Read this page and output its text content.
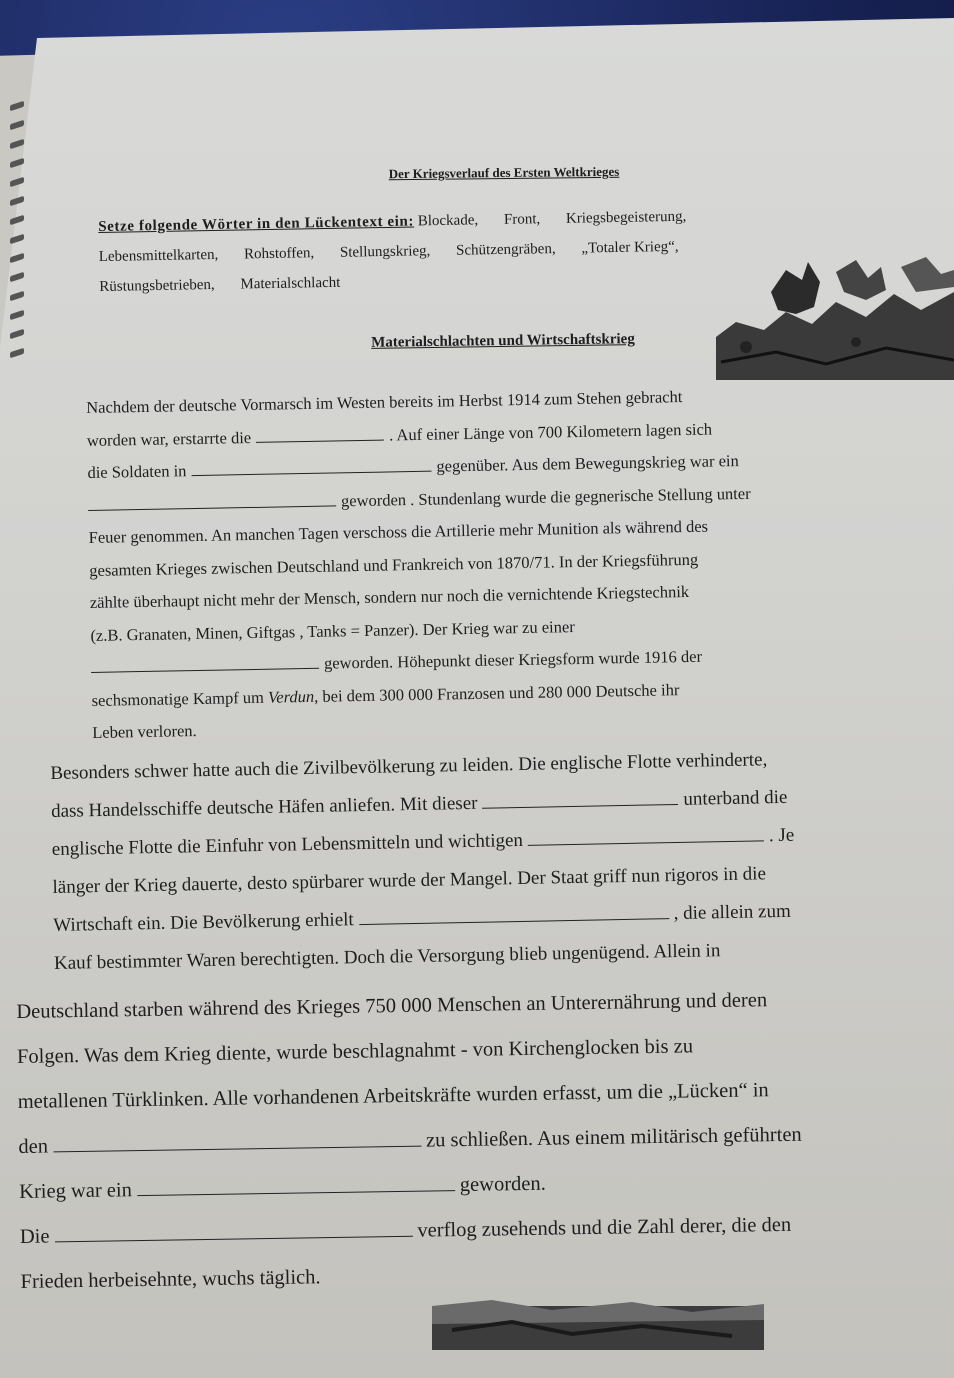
Der Kriegsverlauf des Ersten Weltkrieges
Setze folgende Wörter in den Lückentext ein: Blockade, Front, Kriegsbegeisterung,
Lebensmittelkarten, Rohstoffen, Stellungskrieg, Schützengräben, „Totaler Krieg“,
Rüstungsbetrieben, Materialschlacht
Materialschlachten und Wirtschaftskrieg

Nachdem der deutsche Vormarsch im Westen bereits im Herbst 1914 zum Stehen gebracht

worden war, erstarrte die	. Auf einer Länge von 700 Kilometern lagen sich

die Soldaten in	gegenüber. Aus dem Bewegungskrieg war ein

geworden . Stundenlang wurde die gegnerische Stellung unter

Feuer genommen. An manchen Tagen verschoss die Artillerie mehr Munition als während des

gesamten Krieges zwischen Deutschland und Frankreich von 1870/71. In der Kriegsführung

zählte überhaupt nicht mehr der Mensch, sondern nur noch die vernichtende Kriegstechnik

(z.B. Granaten, Minen, Giftgas , Tanks = Panzer). Der Krieg war zu einer

geworden. Höhepunkt dieser Kriegsform wurde 1916 der

sechsmonatige Kampf um Verdun, bei dem 300 000 Franzosen und 280 000 Deutsche ihr

Leben verloren.

Besonders schwer hatte auch die Zivilbevölkerung zu leiden. Die englische Flotte verhinderte,

dass Handelsschiffe deutsche Häfen anliefen. Mit dieser	unterband die

englische Flotte die Einfuhr von Lebensmitteln und wichtigen	. Je

länger der Krieg dauerte, desto spürbarer wurde der Mangel. Der Staat griff nun rigoros in die

Wirtschaft ein. Die Bevölkerung erhielt	, die allein zum

Kauf bestimmter Waren berechtigten. Doch die Versorgung blieb ungenügend. Allein in

Deutschland starben während des Krieges 750 000 Menschen an Unterernährung und deren

Folgen. Was dem Krieg diente, wurde beschlagnahmt - von Kirchenglocken bis zu

metallenen Türklinken. Alle vorhandenen Arbeitskräfte wurden erfasst, um die „Lücken“ in

den	zu schließen. Aus einem militärisch geführten

Krieg war ein	geworden.

Die	verflog zusehends und die Zahl derer, die den

Frieden herbeisehnte, wuchs täglich.
